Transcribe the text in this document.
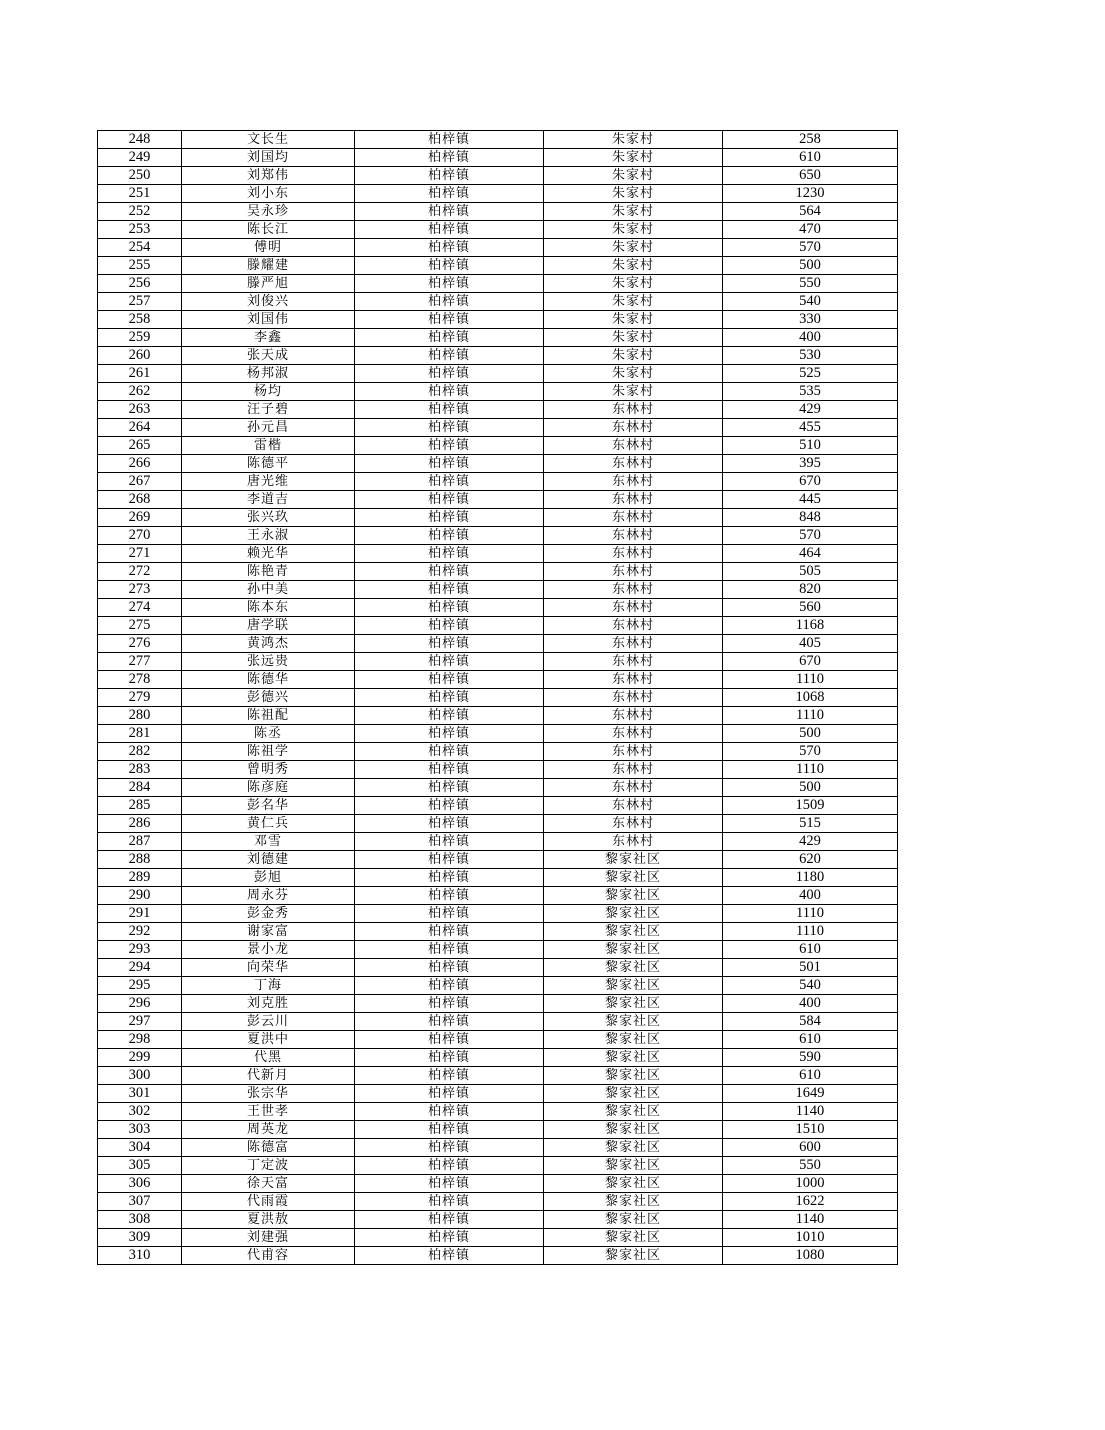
248	文长生	柏梓镇	朱家村	258
249	刘国均	柏梓镇	朱家村	610
250	刘郑伟	柏梓镇	朱家村	650
251	刘小东	柏梓镇	朱家村	1230
252	吴永珍	柏梓镇	朱家村	564
253	陈长江	柏梓镇	朱家村	470
254	傅明	柏梓镇	朱家村	570
255	滕耀建	柏梓镇	朱家村	500
256	滕严旭	柏梓镇	朱家村	550
257	刘俊兴	柏梓镇	朱家村	540
258	刘国伟	柏梓镇	朱家村	330
259	李鑫	柏梓镇	朱家村	400
260	张天成	柏梓镇	朱家村	530
261	杨邦淑	柏梓镇	朱家村	525
262	杨均	柏梓镇	朱家村	535
263	汪子碧	柏梓镇	东林村	429
264	孙元昌	柏梓镇	东林村	455
265	雷楷	柏梓镇	东林村	510
266	陈德平	柏梓镇	东林村	395
267	唐光维	柏梓镇	东林村	670
268	李道吉	柏梓镇	东林村	445
269	张兴玖	柏梓镇	东林村	848
270	王永淑	柏梓镇	东林村	570
271	赖光华	柏梓镇	东林村	464
272	陈艳青	柏梓镇	东林村	505
273	孙中美	柏梓镇	东林村	820
274	陈本东	柏梓镇	东林村	560
275	唐学联	柏梓镇	东林村	1168
276	黄鸿杰	柏梓镇	东林村	405
277	张远贵	柏梓镇	东林村	670
278	陈德华	柏梓镇	东林村	1110
279	彭德兴	柏梓镇	东林村	1068
280	陈祖配	柏梓镇	东林村	1110
281	陈丞	柏梓镇	东林村	500
282	陈祖学	柏梓镇	东林村	570
283	曾明秀	柏梓镇	东林村	1110
284	陈彦庭	柏梓镇	东林村	500
285	彭名华	柏梓镇	东林村	1509
286	黄仁兵	柏梓镇	东林村	515
287	邓雪	柏梓镇	东林村	429
288	刘德建	柏梓镇	黎家社区	620
289	彭旭	柏梓镇	黎家社区	1180
290	周永芬	柏梓镇	黎家社区	400
291	彭金秀	柏梓镇	黎家社区	1110
292	谢家富	柏梓镇	黎家社区	1110
293	景小龙	柏梓镇	黎家社区	610
294	向荣华	柏梓镇	黎家社区	501
295	丁海	柏梓镇	黎家社区	540
296	刘克胜	柏梓镇	黎家社区	400
297	彭云川	柏梓镇	黎家社区	584
298	夏洪中	柏梓镇	黎家社区	610
299	代黑	柏梓镇	黎家社区	590
300	代新月	柏梓镇	黎家社区	610
301	张宗华	柏梓镇	黎家社区	1649
302	王世孝	柏梓镇	黎家社区	1140
303	周英龙	柏梓镇	黎家社区	1510
304	陈德富	柏梓镇	黎家社区	600
305	丁定波	柏梓镇	黎家社区	550
306	徐天富	柏梓镇	黎家社区	1000
307	代雨霞	柏梓镇	黎家社区	1622
308	夏洪敖	柏梓镇	黎家社区	1140
309	刘建强	柏梓镇	黎家社区	1010
310	代甫容	柏梓镇	黎家社区	1080
